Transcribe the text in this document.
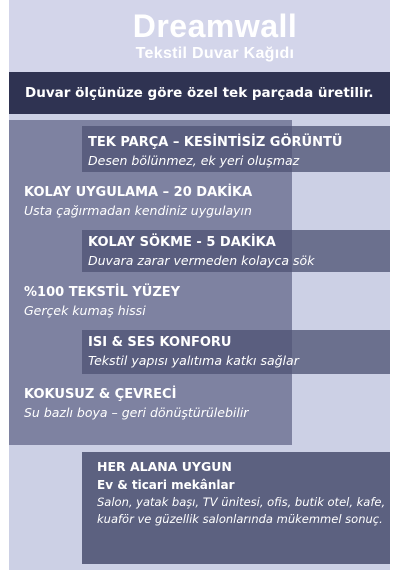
Dreamwall
Tekstil Duvar Kağıdı
Duvar ölçünüze göre özel tek parçada üretilir.
TEK PARÇA – KESİNTİSİZ GÖRÜNTÜ
Desen bölünmez, ek yeri oluşmaz
KOLAY UYGULAMA – 20 DAKİKA
Usta çağırmadan kendiniz uygulayın
KOLAY SÖKME - 5 DAKİKA
Duvara zarar vermeden kolayca sök
%100 TEKSTİL YÜZEY
Gerçek kumaş hissi
ISI & SES KONFORU
Tekstil yapısı yalıtıma katkı sağlar
KOKUSUZ & ÇEVRECİ
Su bazlı boya – geri dönüştürülebilir
HER ALANA UYGUN
Ev & ticari mekânlar
Salon, yatak başı, TV ünitesi, ofis, butik otel, kafe, kuaför ve güzellik salonlarında mükemmel sonuç.
